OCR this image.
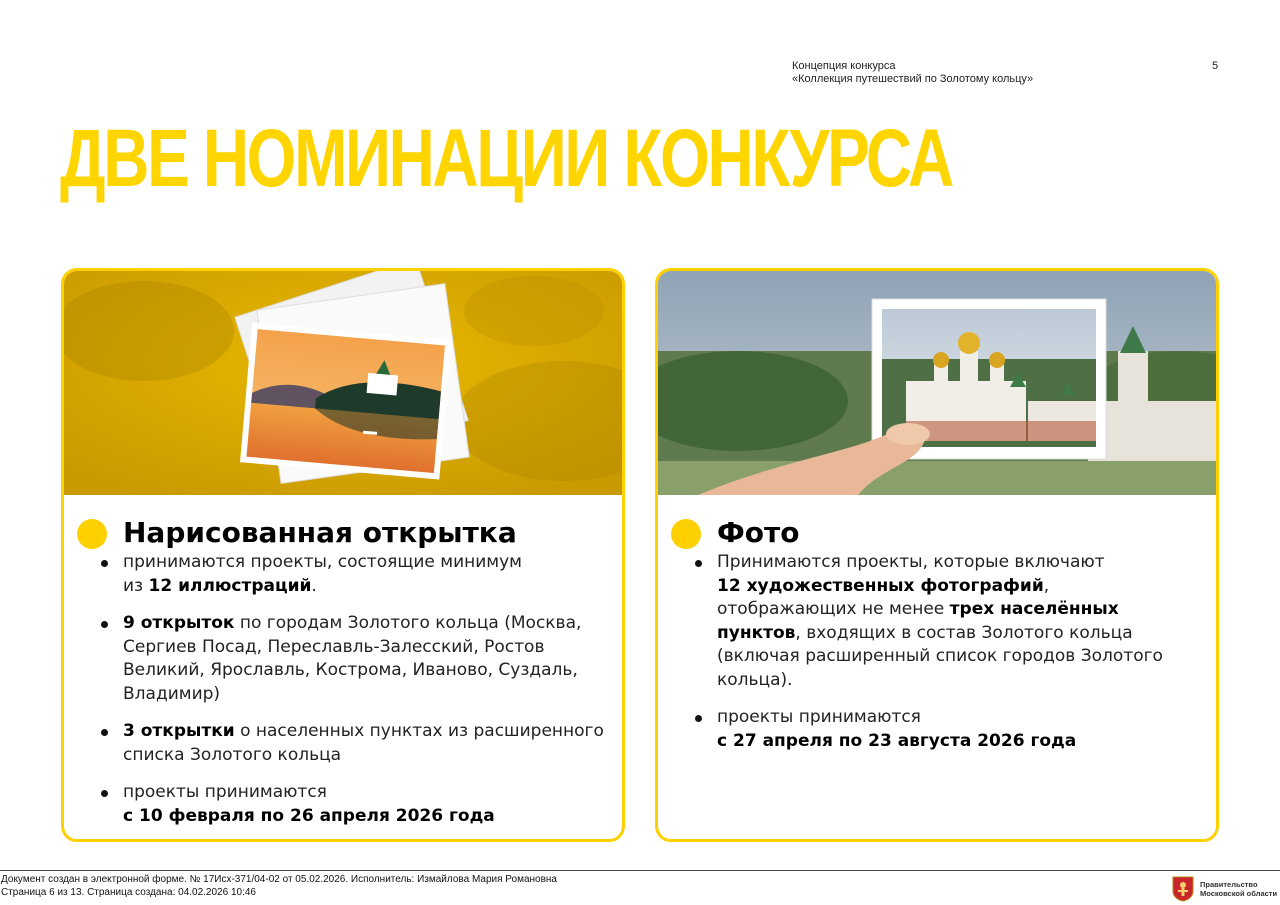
Концепция конкурса
«Коллекция путешествий по Золотому кольцу»
5
ДВЕ НОМИНАЦИИ КОНКУРСА
Нарисованная открытка
принимаются проекты, состоящие минимум
из 12 иллюстраций.
9 открыток по городам Золотого кольца (Москва, Сергиев Посад, Переславль-Залесский, Ростов Великий, Ярославль, Кострома, Иваново, Суздаль, Владимир)
3 открытки о населенных пунктах из расширенного списка Золотого кольца
проекты принимаются
с 10 февраля по 26 апреля 2026 года
Фото
Принимаются проекты, которые включают
12 художественных фотографий, отображающих не менее трех населённых пунктов, входящих в состав Золотого кольца (включая расширенный список городов Золотого кольца).
проекты принимаются
с 27 апреля по 23 августа 2026 года
Документ создан в электронной форме. № 17Исх-371/04-02 от 05.02.2026. Исполнитель: Измайлова Мария Романовна
Страница 6 из 13. Страница создана: 04.02.2026 10:46
Правительство
Московской области
